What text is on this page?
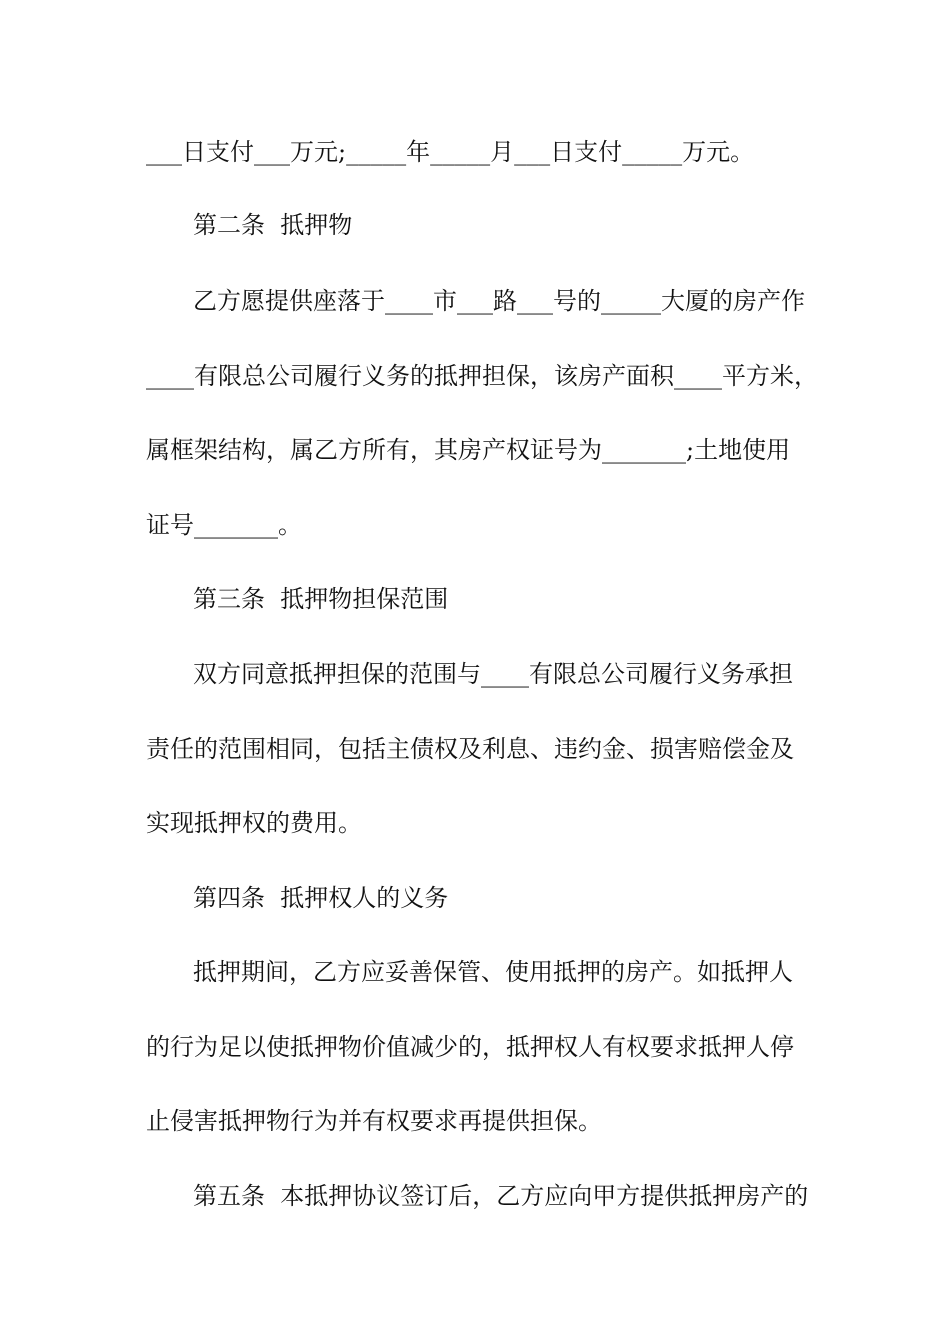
___日支付___万元;_____年_____月___日支付_____万元。
第二条  抵押物
乙方愿提供座落于____市___路___号的_____大厦的房产作
____有限总公司履行义务的抵押担保，该房产面积____平方米，
属框架结构，属乙方所有，其房产权证号为_______;土地使用
证号_______。
第三条  抵押物担保范围
双方同意抵押担保的范围与____有限总公司履行义务承担
责任的范围相同，包括主债权及利息、违约金、损害赔偿金及
实现抵押权的费用。
第四条  抵押权人的义务
抵押期间，乙方应妥善保管、使用抵押的房产。如抵押人
的行为足以使抵押物价值减少的，抵押权人有权要求抵押人停
止侵害抵押物行为并有权要求再提供担保。
第五条  本抵押协议签订后，乙方应向甲方提供抵押房产的
